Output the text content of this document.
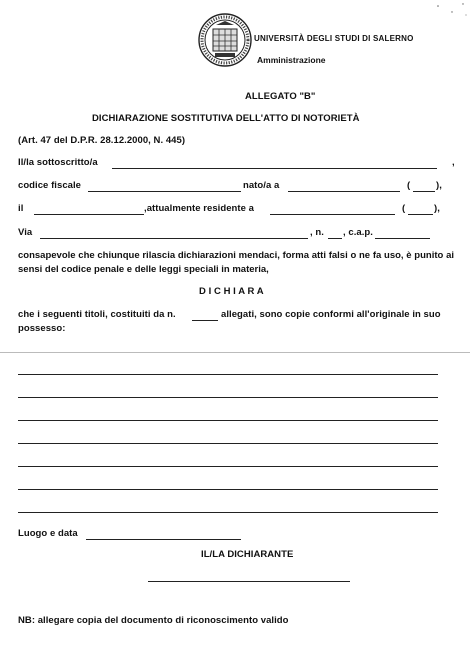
UNIVERSITÀ DEGLI STUDI DI SALERNO
Amministrazione
ALLEGATO "B"
DICHIARAZIONE SOSTITUTIVA DELL'ATTO DI NOTORIETÀ
(Art. 47 del D.P.R. 28.12.2000, N. 445)
Il/la sottoscritto/a	,
codice fiscale	nato/a a	(	),
il	,attualmente residente a	(	),
Via	, n. , c.a.p.
consapevole che chiunque rilascia dichiarazioni mendaci, forma atti falsi o ne fa uso, è punito ai sensi del codice penale e delle leggi speciali in materia,
D I C H I A R A
che i seguenti titoli, costituiti da n.	allegati, sono copie conformi all'originale in suo
possesso:
Luogo e data
IL/LA DICHIARANTE
NB: allegare copia del documento di riconoscimento valido
